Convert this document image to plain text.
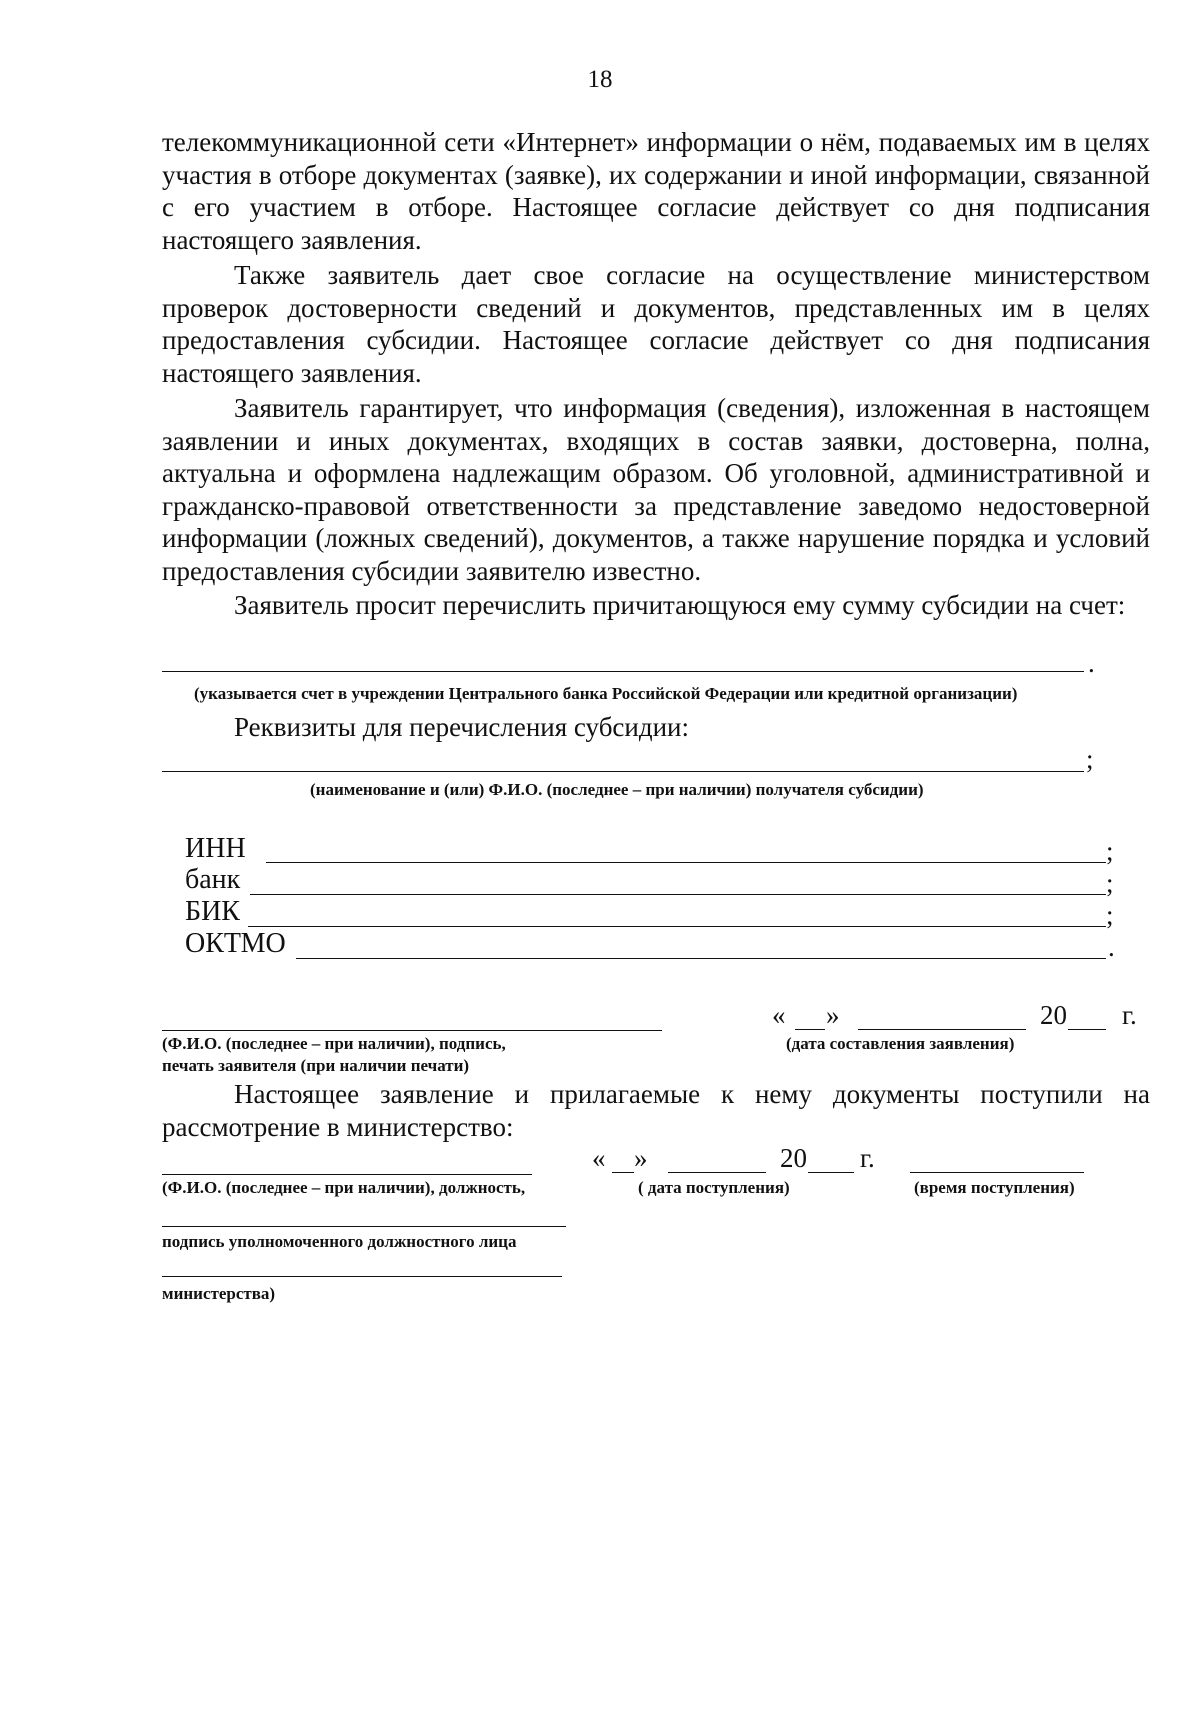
18

телекоммуникационной сети «Интернет» информации о нём, подаваемых им в целях участия в отборе документах (заявке), их содержании и иной информации, связанной с его участием в отборе. Настоящее согласие действует со дня подписания настоящего заявления.

Также заявитель дает свое согласие на осуществление министерством проверок достоверности сведений и документов, представленных им в целях предоставления субсидии. Настоящее согласие действует со дня подписания настоящего заявления.

Заявитель гарантирует, что информация (сведения), изложенная в настоящем заявлении и иных документах, входящих в состав заявки, достоверна, полна, актуальна и оформлена надлежащим образом. Об уголовной, административной и гражданско-правовой ответственности за представление заведомо недостоверной информации (ложных сведений), документов, а также нарушение порядка и условий предоставления субсидии заявителю известно.

Заявитель просит перечислить причитающуюся ему сумму субсидии на счет:

.
(указывается счет в учреждении Центрального банка Российской Федерации или кредитной организации)
Реквизиты для перечисления субсидии:
;
(наименование и (или) Ф.И.О. (последнее – при наличии) получателя субсидии)
ИНН	;
банк	;
БИК	;
ОКТМО	.
(Ф.И.О. (последнее – при наличии), подпись,
печать заявителя (при наличии печати)
« »	20 г.
(дата составления заявления)

Настоящее заявление и прилагаемые к нему документы поступили на рассмотрение в министерство:

« »	20 г.
(Ф.И.О. (последнее – при наличии), должность,	( дата поступления)	(время поступления)
подпись уполномоченного должностного лица
министерства)
